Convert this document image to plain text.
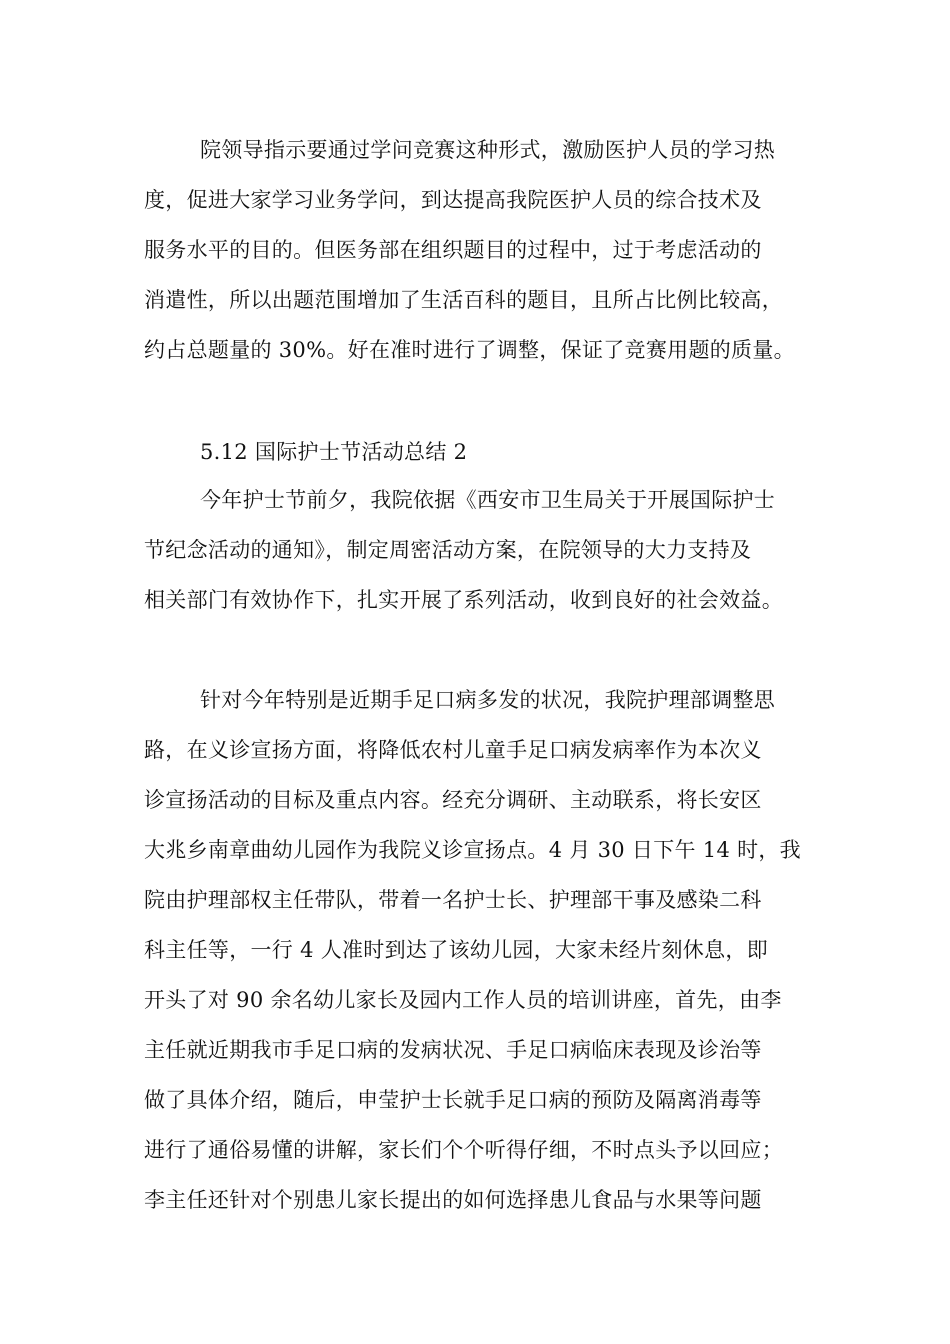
院领导指示要通过学问竞赛这种形式，激励医护人员的学习热
度，促进大家学习业务学问，到达提高我院医护人员的综合技术及
服务水平的目的。但医务部在组织题目的过程中，过于考虑活动的
消遣性，所以出题范围增加了生活百科的题目，且所占比例比较高，
约占总题量的 30%。好在准时进行了调整，保证了竞赛用题的质量。
5.12 国际护士节活动总结 2
今年护士节前夕，我院依据《西安市卫生局关于开展国际护士
节纪念活动的通知》，制定周密活动方案，在院领导的大力支持及
相关部门有效协作下，扎实开展了系列活动，收到良好的社会效益。
针对今年特别是近期手足口病多发的状况，我院护理部调整思
路，在义诊宣扬方面，将降低农村儿童手足口病发病率作为本次义
诊宣扬活动的目标及重点内容。经充分调研、主动联系，将长安区
大兆乡南章曲幼儿园作为我院义诊宣扬点。4 月 30 日下午 14 时，我
院由护理部权主任带队，带着一名护士长、护理部干事及感染二科
科主任等，一行 4 人准时到达了该幼儿园，大家未经片刻休息，即
开头了对 90 余名幼儿家长及园内工作人员的培训讲座，首先，由李
主任就近期我市手足口病的发病状况、手足口病临床表现及诊治等
做了具体介绍，随后，申莹护士长就手足口病的预防及隔离消毒等
进行了通俗易懂的讲解，家长们个个听得仔细，不时点头予以回应；
李主任还针对个别患儿家长提出的如何选择患儿食品与水果等问题
